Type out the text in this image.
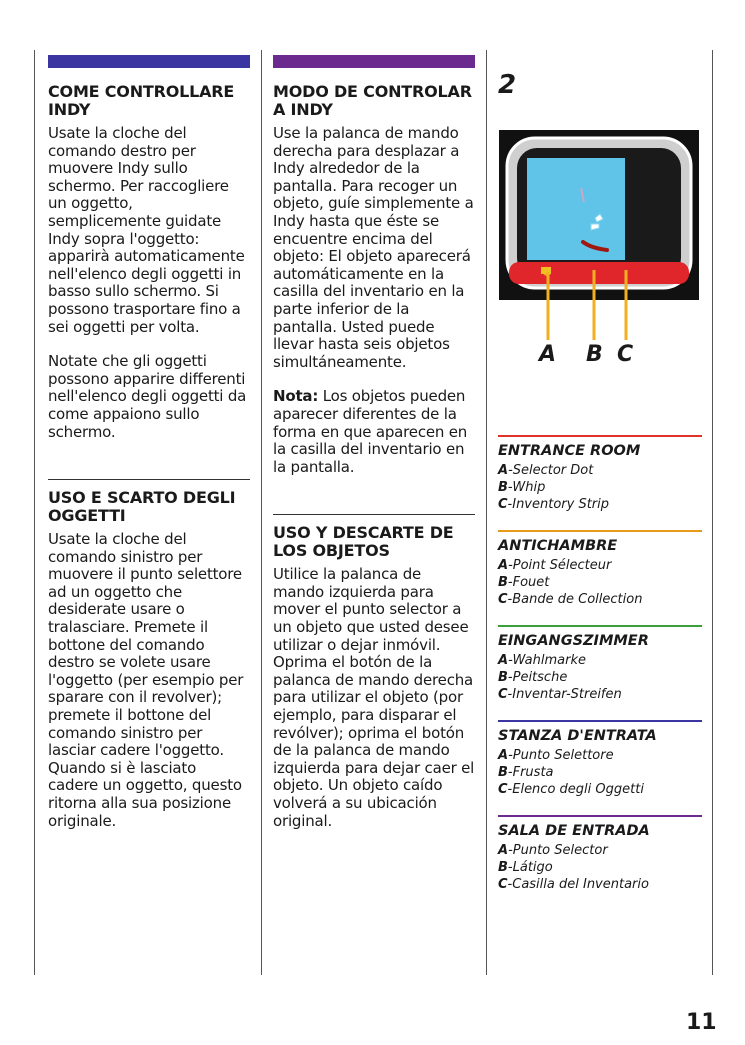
COME CONTROLLARE INDY

Usate la cloche del comando destro per muovere Indy sullo schermo. Per raccogliere un oggetto, semplicemente guidate Indy sopra l'oggetto: apparirà automaticamente nell'elenco degli oggetti in basso sullo schermo. Si possono trasportare fino a sei oggetti per volta.

Notate che gli oggetti possono apparire differenti nell'elenco degli oggetti da come appaiono sullo schermo.

USO E SCARTO DEGLI OGGETTI

Usate la cloche del comando sinistro per muovere il punto selettore ad un oggetto che desiderate usare o tralasciare. Premete il bottone del comando destro se volete usare l'oggetto (per esempio per sparare con il revolver); premete il bottone del comando sinistro per lasciar cadere l'oggetto. Quando si è lasciato cadere un oggetto, questo ritorna alla sua posizione originale.

MODO DE CONTROLAR A INDY

Use la palanca de mando derecha para desplazar a Indy alrededor de la pantalla. Para recoger un objeto, guíe simplemente a Indy hasta que éste se encuentre encima del objeto: El objeto aparecerá automáticamente en la casilla del inventario en la parte inferior de la pantalla. Usted puede llevar hasta seis objetos simultáneamente.

Nota: Los objetos pueden aparecer diferentes de la forma en que aparecen en la casilla del inventario en la pantalla.

USO Y DESCARTE DE LOS OBJETOS

Utilice la palanca de mando izquierda para mover el punto selector a un objeto que usted desee utilizar o dejar inmóvil. Oprima el botón de la palanca de mando derecha para utilizar el objeto (por ejemplo, para disparar el revólver); oprima el botón de la palanca de mando izquierda para dejar caer el objeto. Un objeto caído volverá a su ubicación original.

2
A B C

ENTRANCE ROOM

A-Selector Dot

B-Whip

C-Inventory Strip

ANTICHAMBRE

A-Point Sélecteur

B-Fouet

C-Bande de Collection

EINGANGSZIMMER

A-Wahlmarke

B-Peitsche

C-Inventar-Streifen

STANZA D'ENTRATA

A-Punto Selettore

B-Frusta

C-Elenco degli Oggetti

SALA DE ENTRADA

A-Punto Selector

B-Látigo

C-Casilla del Inventario

11
